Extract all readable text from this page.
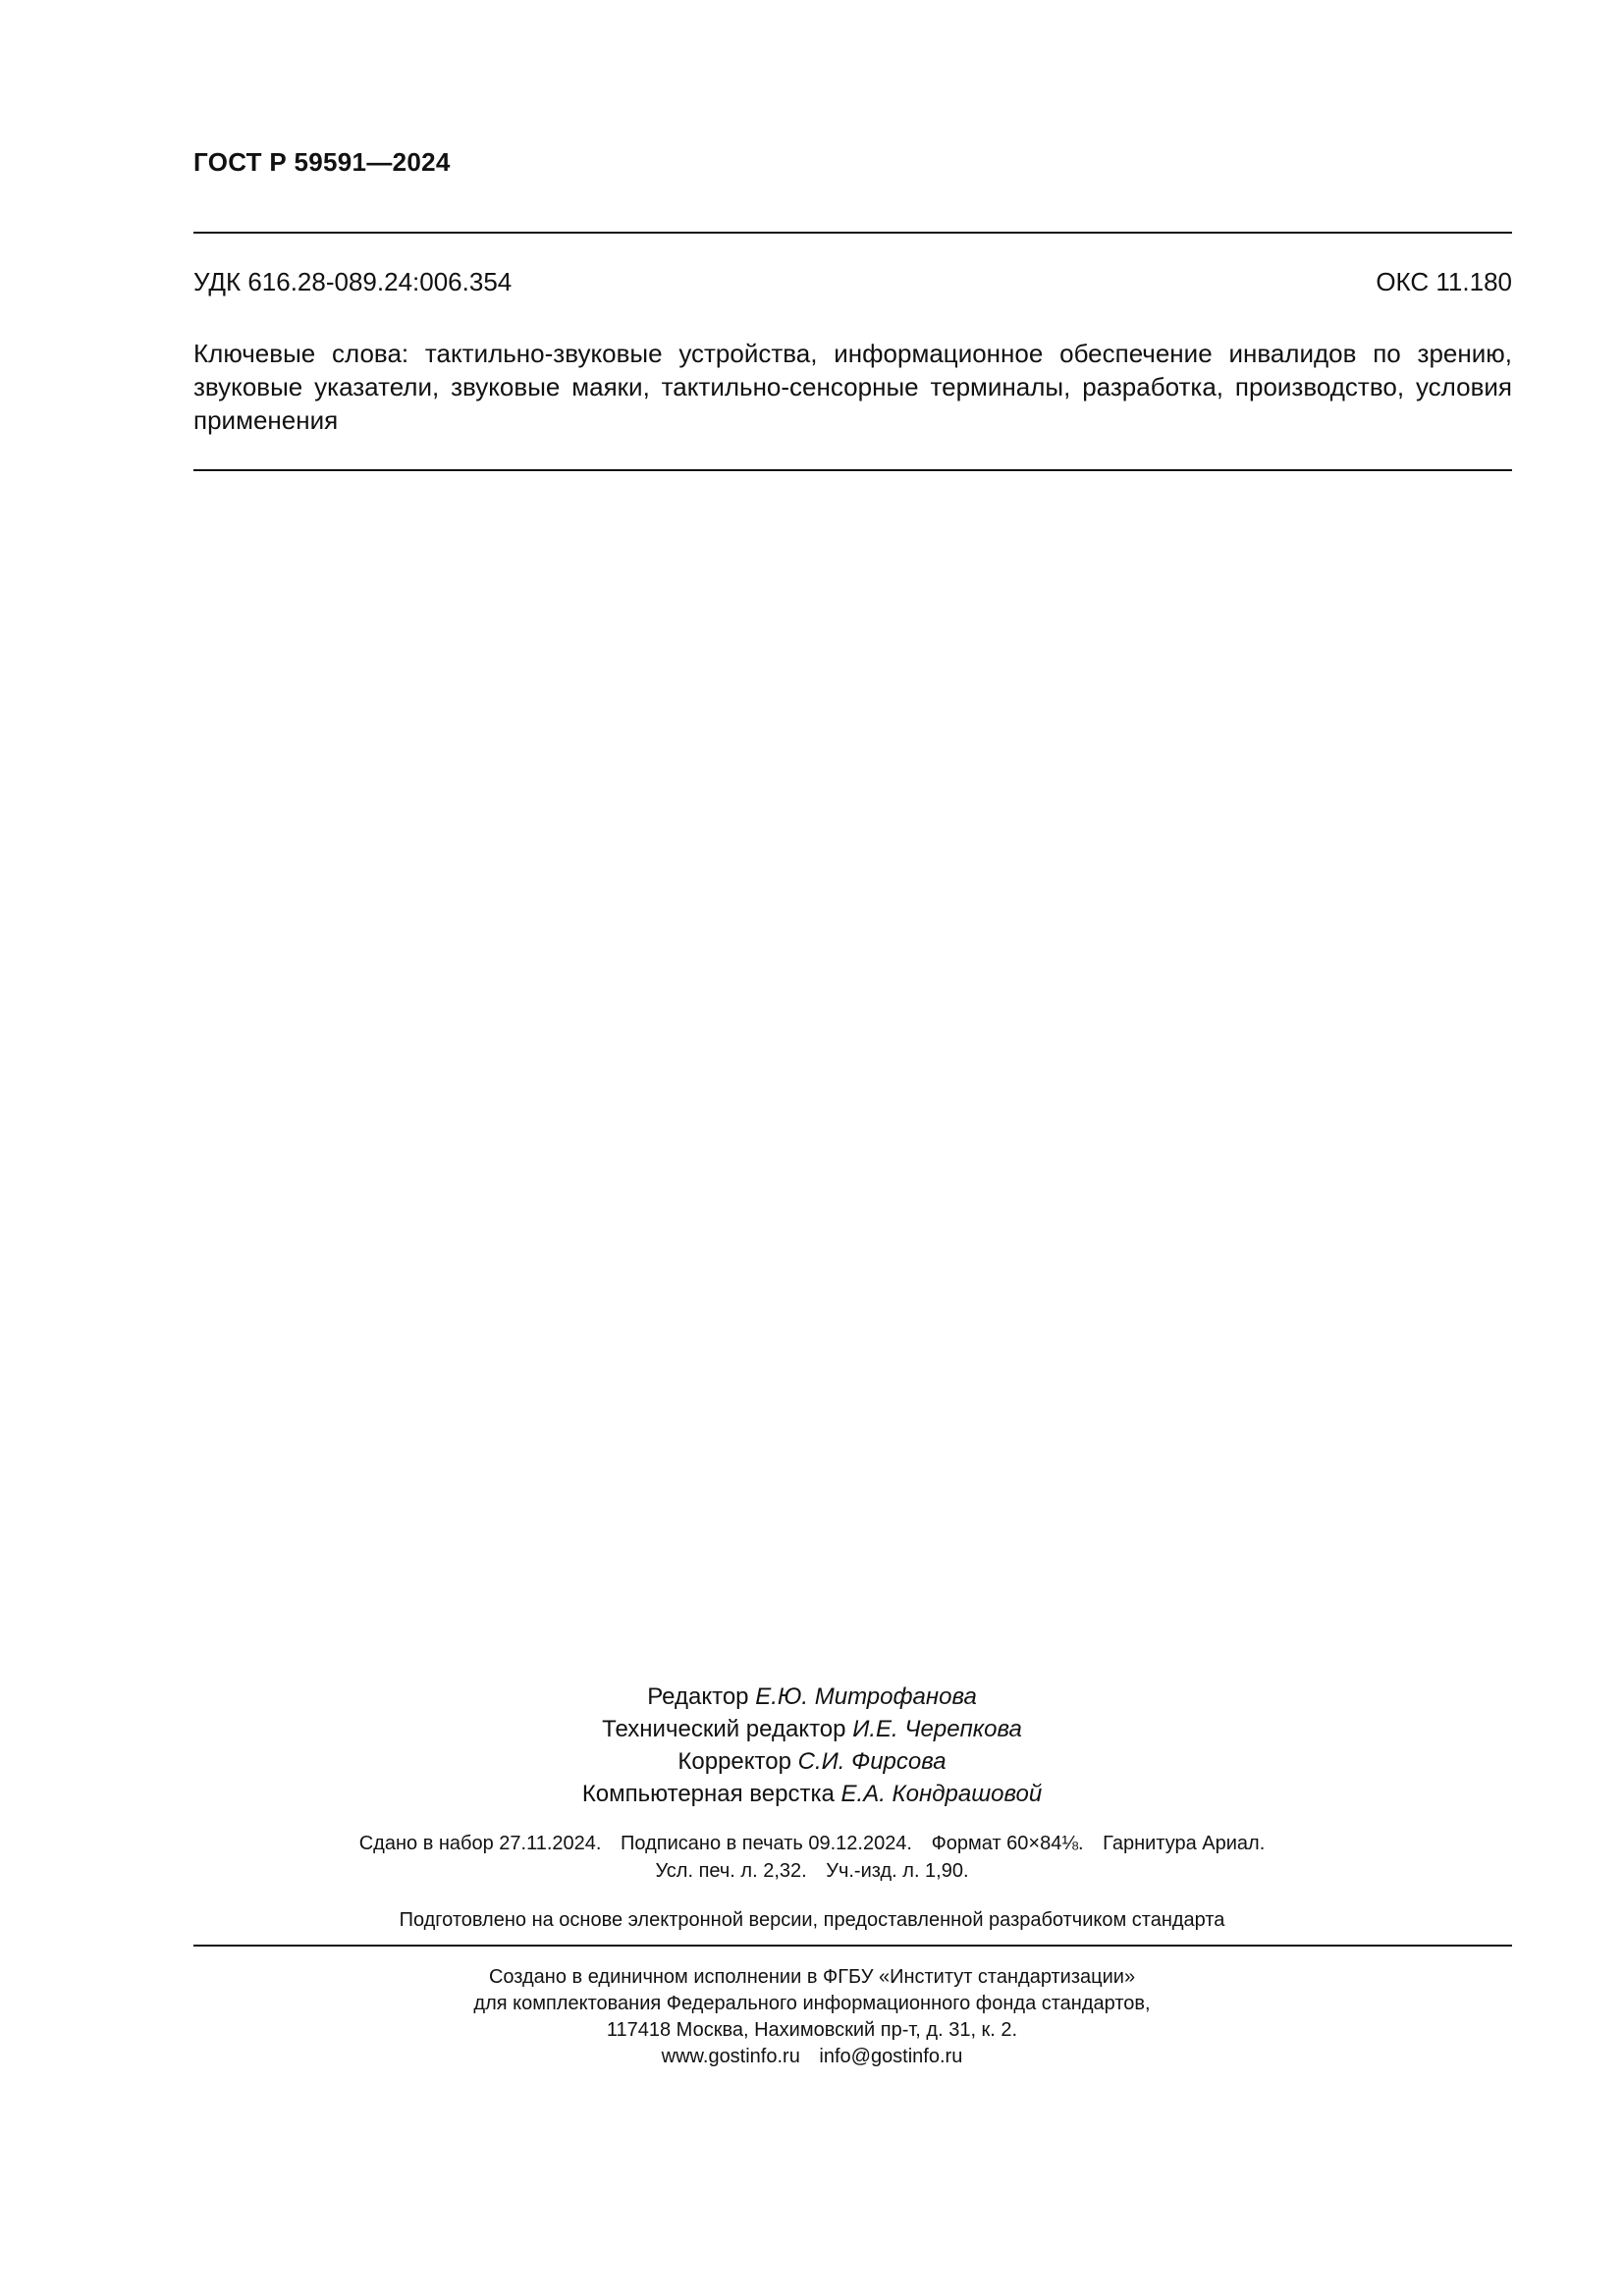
ГОСТ Р 59591—2024
УДК 616.28-089.24:006.354	ОКС 11.180
Ключевые слова: тактильно-звуковые устройства, информационное обеспечение инвалидов по зрению, звуковые указатели, звуковые маяки, тактильно-сенсорные терминалы, разработка, производство, условия применения
Редактор Е.Ю. Митрофанова
Технический редактор И.Е. Черепкова
Корректор С.И. Фирсова
Компьютерная верстка Е.А. Кондрашовой
Сдано в набор 27.11.2024. Подписано в печать 09.12.2024. Формат 60×84⅛. Гарнитура Ариал.
Усл. печ. л. 2,32. Уч.-изд. л. 1,90.
Подготовлено на основе электронной версии, предоставленной разработчиком стандарта
Создано в единичном исполнении в ФГБУ «Институт стандартизации»
для комплектования Федерального информационного фонда стандартов,
117418 Москва, Нахимовский пр-т, д. 31, к. 2.
www.gostinfo.ru info@gostinfo.ru
